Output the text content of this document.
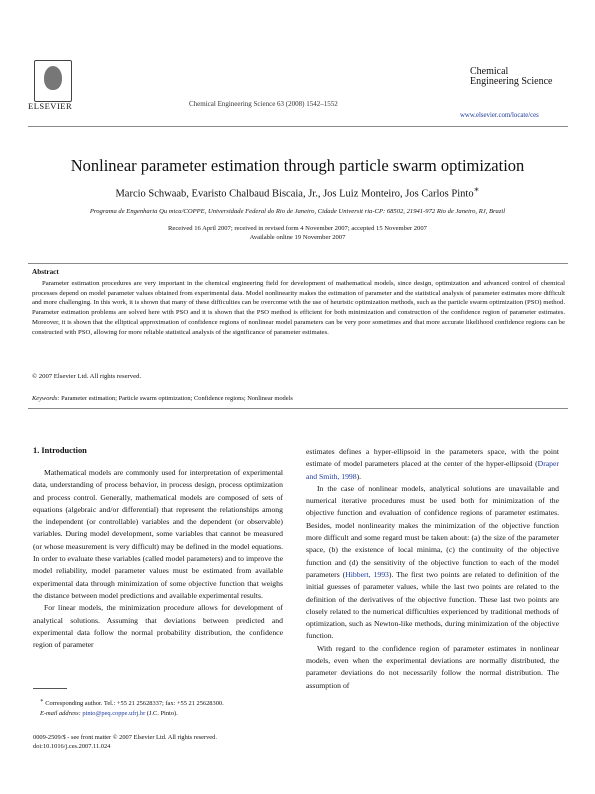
ELSEVIER	Chemical Engineering Science 63 (2008) 1542–1552
Chemical
Engineering Science
www.elsevier.com/locate/ces
Nonlinear parameter estimation through particle swarm optimization
Marcio Schwaab, Evaristo Chalbaud Biscaia, Jr., Jos Luiz Monteiro, Jos Carlos Pinto∗
Programa de Engenharia Qu mica/COPPE, Universidade Federal do Rio de Janeiro, Cidade Universit ria-CP: 68502, 21941-972 Rio de Janeiro, RJ, Brazil
Received 16 April 2007; received in revised form 4 November 2007; accepted 15 November 2007
Available online 19 November 2007
Abstract
Parameter estimation procedures are very important in the chemical engineering field for development of mathematical models, since design, optimization and advanced control of chemical processes depend on model parameter values obtained from experimental data. Model nonlinearity makes the estimation of parameter and the statistical analysis of parameter estimates more difficult and more challenging. In this work, it is shown that many of these difficulties can be overcome with the use of heuristic optimization methods, such as the particle swarm optimization (PSO) method. Parameter estimation problems are solved here with PSO and it is shown that the PSO method is efficient for both minimization and construction of the confidence region of parameter estimates. Moreover, it is shown that the elliptical approximation of confidence regions of nonlinear model parameters can be very poor sometimes and that more accurate likelihood confidence regions can be constructed with PSO, allowing for more reliable statistical analysis of the significance of parameter estimates.
© 2007 Elsevier Ltd. All rights reserved.
Keywords: Parameter estimation; Particle swarm optimization; Confidence regions; Nonlinear models
1. Introduction

Mathematical models are commonly used for interpretation of experimental data, understanding of process behavior, in process design, process optimization and process control. Generally, mathematical models are composed of sets of equations (algebraic and/or differential) that represent the relationships among the independent (or controllable) variables and the dependent (or observable) variables. During model development, some variables that cannot be measured (or whose measurement is very difficult) may be defined in the model equations. In order to evaluate these variables (called model parameters) and to improve the model reliability, model parameter values must be estimated from available experimental data through minimization of some objective function that weighs the distance between model predictions and available experimental results.

For linear models, the minimization procedure allows for development of analytical solutions. Assuming that deviations between predicted and experimental data follow the normal probability distribution, the confidence region of parameter

estimates defines a hyper-ellipsoid in the parameters space, with the point estimate of model parameters placed at the center of the hyper-ellipsoid (Draper and Smith, 1998).

In the case of nonlinear models, analytical solutions are unavailable and numerical iterative procedures must be used both for minimization of the objective function and evaluation of confidence regions of parameter estimates. Besides, model nonlinearity makes the minimization of the objective function more difficult and some regard must be taken about: (a) the size of the parameter space, (b) the existence of local minima, (c) the continuity of the objective function and (d) the sensitivity of the objective function to each of the model parameters (Hibbert, 1993). The first two points are related to definition of the initial guesses of parameter values, while the last two points are related to the definition of the derivatives of the objective function. These last two points are closely related to the numerical difficulties experienced by traditional methods of optimization, such as Newton-like methods, during minimization of the objective function.

With regard to the confidence region of parameter estimates in nonlinear models, even when the experimental deviations are normally distributed, the parameter deviations do not necessarily follow the normal distribution. The assumption of

∗ Corresponding author. Tel.: +55 21 25628337; fax: +55 21 25628300.
E-mail address: pinto@peq.coppe.ufrj.br (J.C. Pinto).
0009-2509/$ - see front matter © 2007 Elsevier Ltd. All rights reserved.
doi:10.1016/j.ces.2007.11.024
